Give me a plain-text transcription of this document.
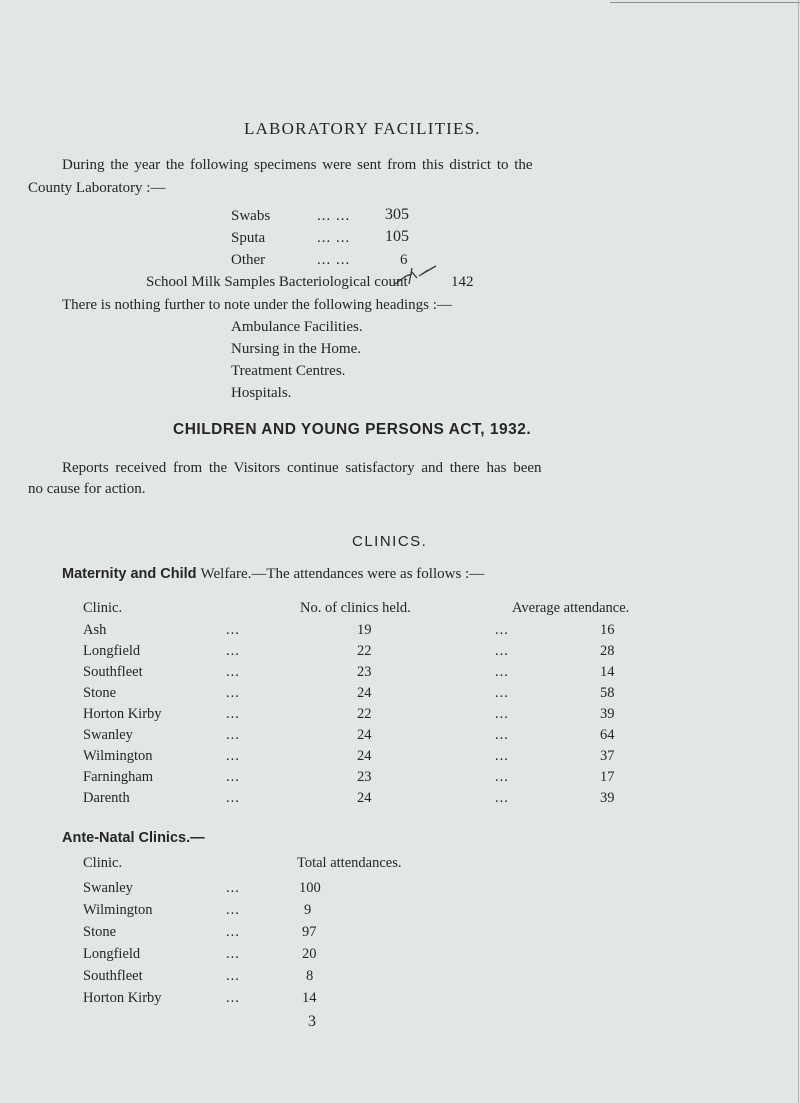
LABORATORY FACILITIES.
During the year the following specimens were sent from this district to the
County Laboratory :—
Swabs	... ... 305
Sputa	... ... 105
Other	... ...	6
School Milk Samples Bacteriological count	142
There is nothing further to note under the following headings :—
Ambulance Facilities.
Nursing in the Home.
Treatment Centres.
Hospitals.
CHILDREN AND YOUNG PERSONS ACT, 1932.
Reports received from the Visitors continue satisfactory and there has been
no cause for action.
CLINICS.
Maternity and Child Welfare.—The attendances were as follows :—
Clinic.	No. of clinics held.	Average attendance.
Ash	...	19	...	16
Longfield	...	22	...	28
Southfleet	...	23	...	14
Stone	...	24	...	58
Horton Kirby	...	22	...	39
Swanley	...	24	...	64
Wilmington	...	24	...	37
Farningham	...	23	...	17
Darenth	...	24	...	39
Ante-Natal Clinics.—
Clinic.	Total attendances.
Swanley	...	100
Wilmington	...	9
Stone	...	97
Longfield	...	20
Southfleet	...	8
Horton Kirby	...	14
3
